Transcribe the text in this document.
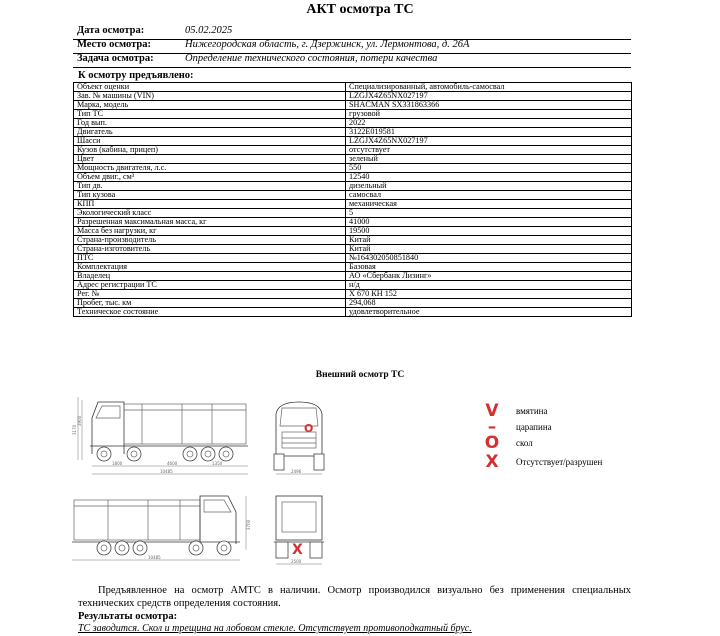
АКТ осмотра ТС
Дата осмотра:	05.02.2025
Место осмотра:	Нижегородская область, г. Дзержинск, ул. Лермонтова, д. 26А
Задача осмотра:	Определение технического состояния, потери качества
К осмотру предъявлено:
Объект оценки	Специализированный, автомобиль-самосвал
Зав. № машины (VIN)	LZGJX4Z65NX027197
Марка, модель	SHACMAN SX331863366
Тип ТС	грузовой
Год вып.	2022
Двигатель	3122E019581
Шасси	LZGJX4Z65NX027197
Кузов (кабина, прицеп)	отсутствует
Цвет	зеленый
Мощность двигателя, л.с.	550
Объем двиг., см³	12540
Тип дв.	дизельный
Тип кузова	самосвал
КПП	механическая
Экологический класс	5
Разрешенная максимальная масса, кг	41000
Масса без нагрузки, кг	19500
Страна-производитель	Китай
Страна-изготовитель	Китай
ПТС	№164302050851840
Комплектация	Базовая
Владелец	АО «Сбербанк Лизинг»
Адрес регистрации ТС	н/д
Рег. №	Х 670 КН 152
Пробег, тыс. км	294,068
Техническое состояние	удовлетворительное
Внешний осмотр ТС
3170
3900
1800	4600	1350
10485	2496
O
3700
10485
2500
X
V вмятина
–	царапина
O скол
X Отсутствует/разрушен
Предъявленное на осмотр АМТС в наличии. Осмотр производился визуально без применения специальных технических средств определения состояния.
Результаты осмотра:
ТС заводится. Скол и трещина на лобовом стекле. Отсутствует противоподкатный брус.
